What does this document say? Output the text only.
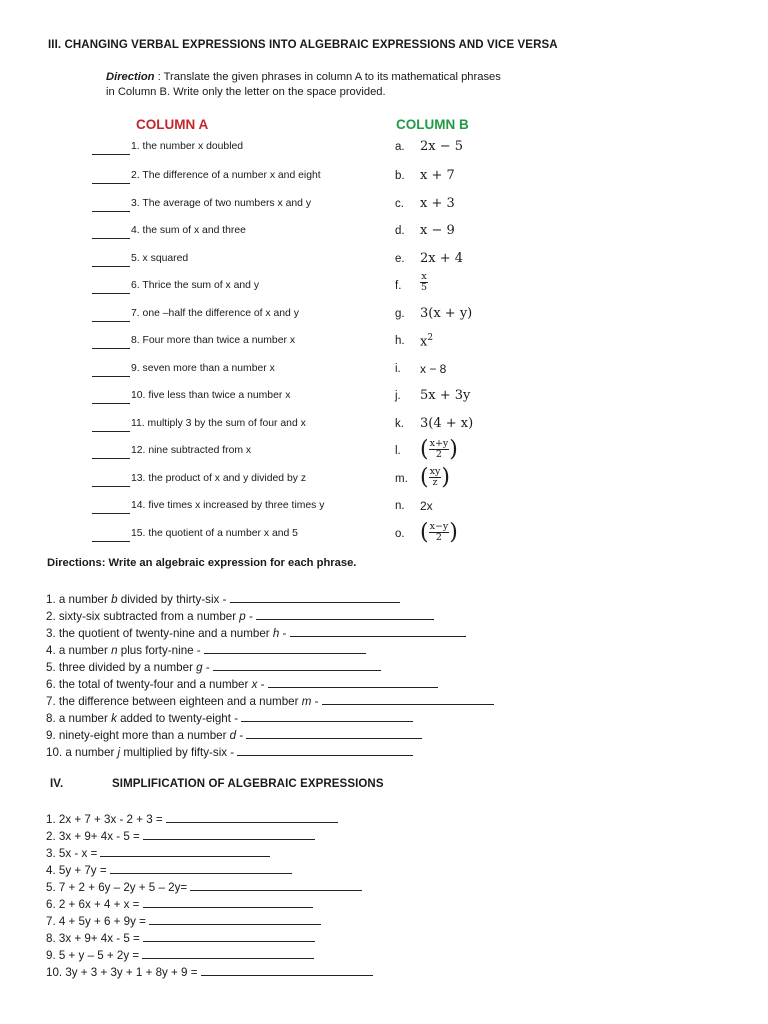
III. CHANGING VERBAL EXPRESSIONS INTO ALGEBRAIC EXPRESSIONS AND VICE VERSA
Direction : Translate the given phrases in column A to its mathematical phrases in Column B. Write only the letter on the space provided.
COLUMN A	COLUMN B
1. the number x doubled	a. 2x − 5
2. The difference of a number x and eight	b. x + 7
3. The average of two numbers x and y	c. x + 3
4. the sum of x and three	d. x − 9
5. x squared	e. 2x + 4
6. Thrice the sum of x and y	f. $\frac{x}{5}$
7. one –half the difference of x and y	g. 3(x + y)
8. Four more than twice a number x	h. $x^2$
9. seven more than a number x	i. x − 8
10. five less than twice a number x	j. 5x + 3y
11. multiply 3 by the sum of four and x	k. 3(4 + x)
12. nine subtracted from x	l. ( $\frac{x+y}{2}$ )
13. the product of x and y divided by z	m. ( $\frac{xy}{z}$ )
14. five times x increased by three times y	n. 2x
15. the quotient of a number x and 5	o. ( $\frac{x-y}{2}$ )
Directions: Write an algebraic expression for each phrase.
1. a number b divided by thirty-six -
2. sixty-six subtracted from a number p -
3. the quotient of twenty-nine and a number h -
4. a number n plus forty-nine -
5. three divided by a number g -
6. the total of twenty-four and a number x -
7. the difference between eighteen and a number m -
8. a number k added to twenty-eight -
9. ninety-eight more than a number d -
10. a number j multiplied by fifty-six -
IV.	SIMPLIFICATION OF ALGEBRAIC EXPRESSIONS
1. 2x + 7 + 3x - 2 + 3 =
2. 3x + 9+ 4x - 5 =
3. 5x - x =
4. 5y + 7y =
5. 7 + 2 + 6y – 2y + 5 – 2y=
6. 2 + 6x + 4 + x =
7. 4 + 5y + 6 + 9y =
8. 3x + 9+ 4x - 5 =
9. 5 + y – 5 + 2y =
10. 3y + 3 + 3y + 1 + 8y + 9 =
